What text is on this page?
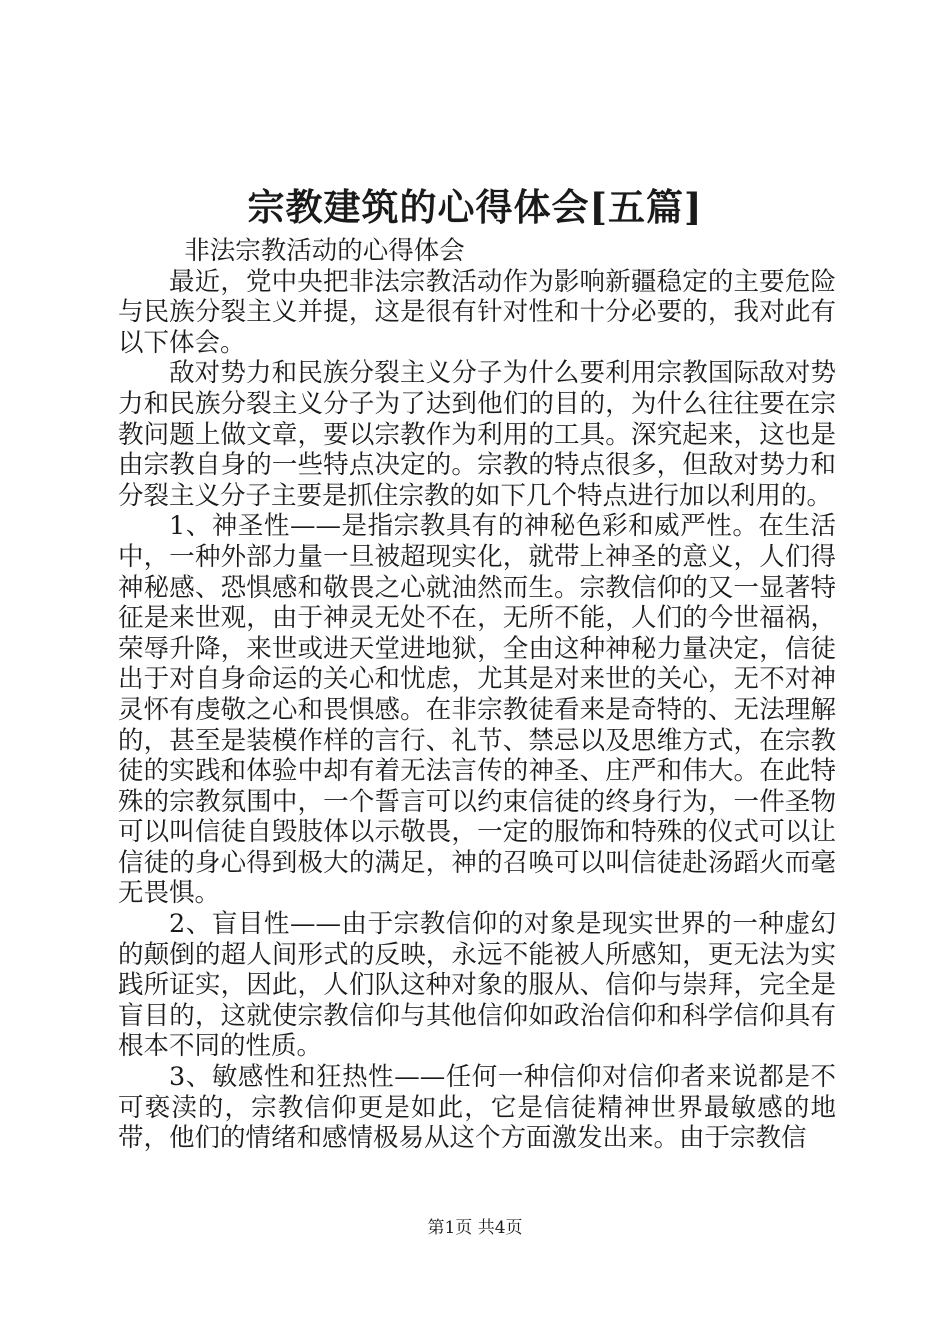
宗教建筑的心得体会[五篇]

非法宗教活动的心得体会

最近，党中央把非法宗教活动作为影响新疆稳定的主要危险与民族分裂主义并提，这是很有针对性和十分必要的，我对此有以下体会。

敌对势力和民族分裂主义分子为什么要利用宗教国际敌对势力和民族分裂主义分子为了达到他们的目的，为什么往往要在宗教问题上做文章，要以宗教作为利用的工具。深究起来，这也是由宗教自身的一些特点决定的。宗教的特点很多，但敌对势力和分裂主义分子主要是抓住宗教的如下几个特点进行加以利用的。

1、神圣性——是指宗教具有的神秘色彩和威严性。在生活中，一种外部力量一旦被超现实化，就带上神圣的意义，人们得神秘感、恐惧感和敬畏之心就油然而生。宗教信仰的又一显著特征是来世观，由于神灵无处不在，无所不能，人们的今世福祸，荣辱升降，来世或进天堂进地狱，全由这种神秘力量决定，信徒出于对自身命运的关心和忧虑，尤其是对来世的关心，无不对神灵怀有虔敬之心和畏惧感。在非宗教徒看来是奇特的、无法理解的，甚至是装模作样的言行、礼节、禁忌以及思维方式，在宗教徒的实践和体验中却有着无法言传的神圣、庄严和伟大。在此特殊的宗教氛围中，一个誓言可以约束信徒的终身行为，一件圣物可以叫信徒自毁肢体以示敬畏，一定的服饰和特殊的仪式可以让信徒的身心得到极大的满足，神的召唤可以叫信徒赴汤蹈火而毫无畏惧。

2、盲目性——由于宗教信仰的对象是现实世界的一种虚幻的颠倒的超人间形式的反映，永远不能被人所感知，更无法为实践所证实，因此，人们队这种对象的服从、信仰与崇拜，完全是盲目的，这就使宗教信仰与其他信仰如政治信仰和科学信仰具有根本不同的性质。

3、敏感性和狂热性——任何一种信仰对信仰者来说都是不可亵渎的，宗教信仰更是如此，它是信徒精神世界最敏感的地带，他们的情绪和感情极易从这个方面激发出来。由于宗教信

第1页 共4页
